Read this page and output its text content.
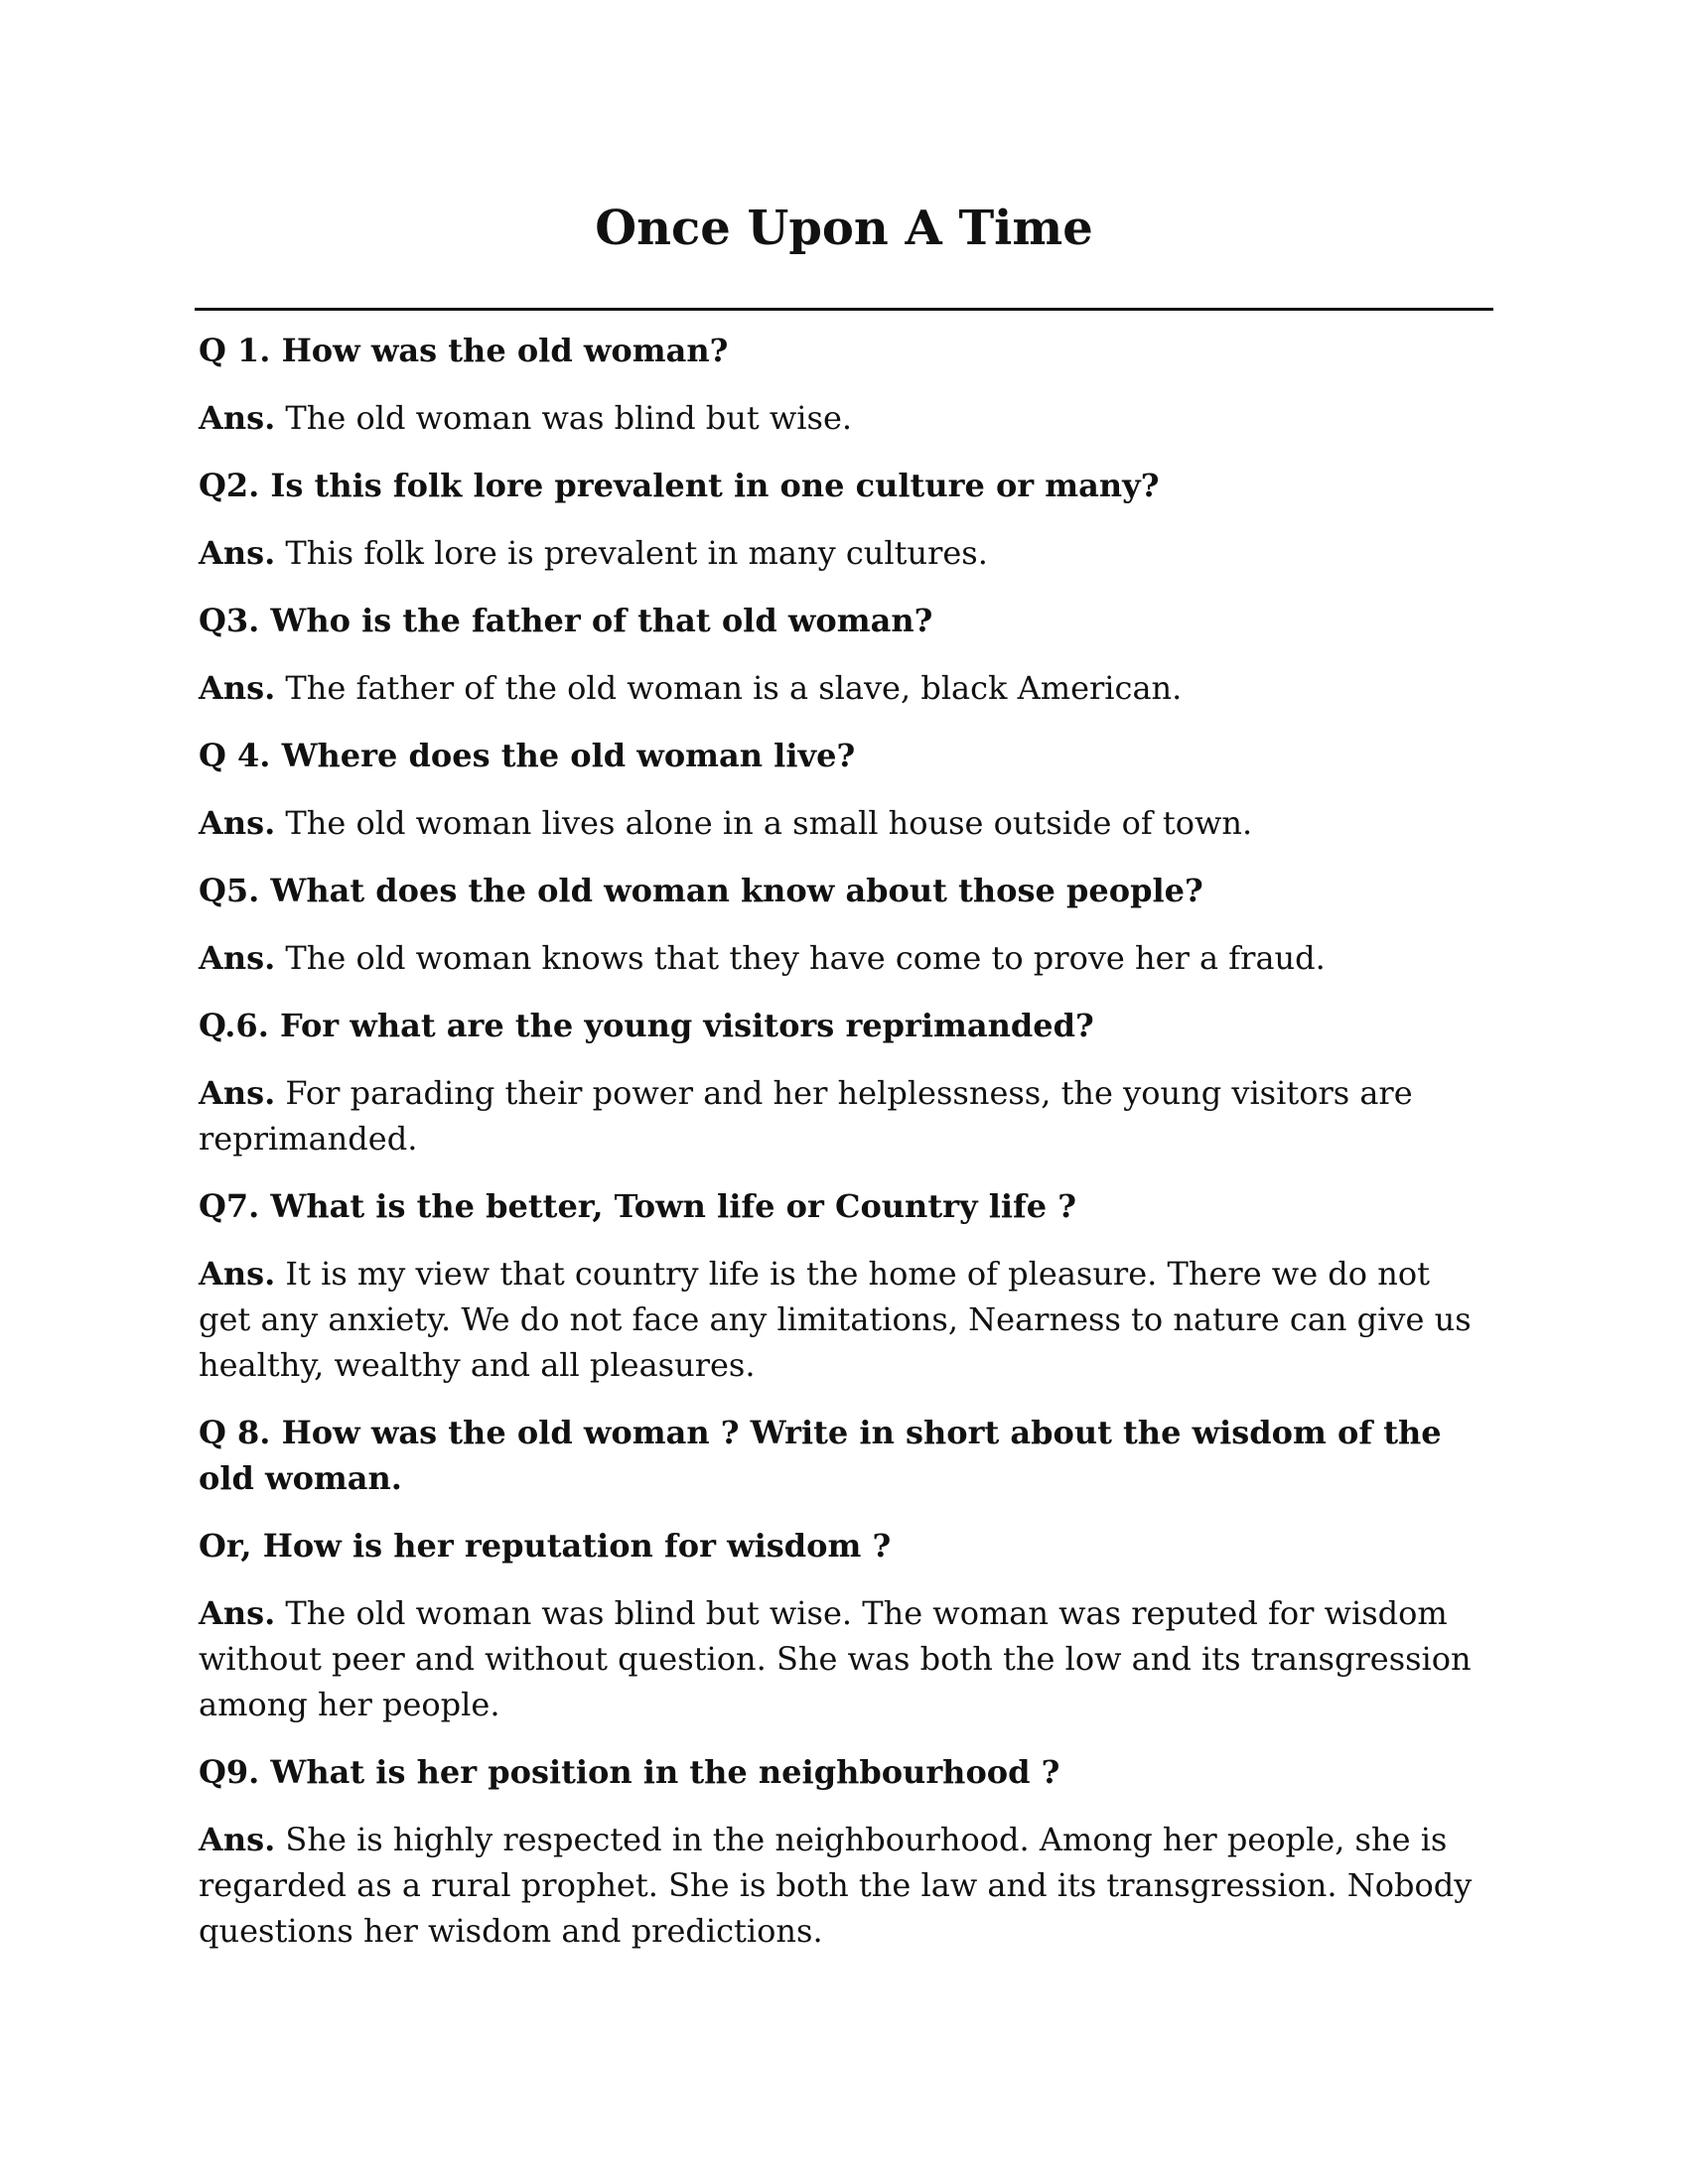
Once Upon A Time
Q 1. How was the old woman?
Ans. The old woman was blind but wise.
Q2. Is this folk lore prevalent in one culture or many?
Ans. This folk lore is prevalent in many cultures.
Q3. Who is the father of that old woman?
Ans. The father of the old woman is a slave, black American.
Q 4. Where does the old woman live?
Ans. The old woman lives alone in a small house outside of town.
Q5. What does the old woman know about those people?
Ans. The old woman knows that they have come to prove her a fraud.
Q.6. For what are the young visitors reprimanded?
Ans. For parading their power and her helplessness, the young visitors are reprimanded.
Q7. What is the better, Town life or Country life ?
Ans. It is my view that country life is the home of pleasure. There we do not get any anxiety. We do not face any limitations, Nearness to nature can give us healthy, wealthy and all pleasures.
Q 8. How was the old woman ? Write in short about the wisdom of the old woman.
Or, How is her reputation for wisdom ?
Ans. The old woman was blind but wise. The woman was reputed for wisdom without peer and without question. She was both the low and its transgression among her people.
Q9. What is her position in the neighbourhood ?
Ans. She is highly respected in the neighbourhood. Among her people, she is regarded as a rural prophet. She is both the law and its transgression. Nobody questions her wisdom and predictions.
